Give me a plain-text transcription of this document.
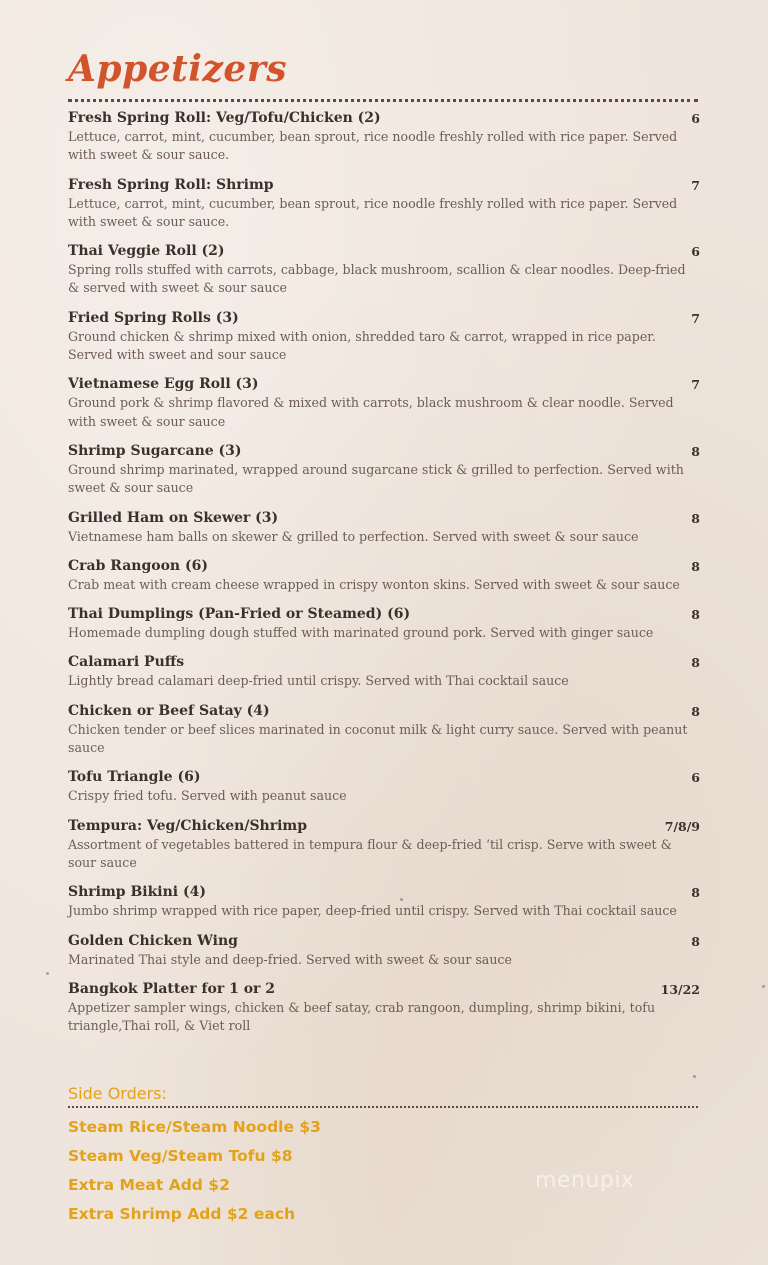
Appetizers
Fresh Spring Roll: Veg/Tofu/Chicken (2)	6
Lettuce, carrot, mint, cucumber, bean sprout, rice noodle freshly rolled with rice paper. Served with sweet & sour sauce.
Fresh Spring Roll: Shrimp	7
Lettuce, carrot, mint, cucumber, bean sprout, rice noodle freshly rolled with rice paper. Served with sweet & sour sauce.
Thai Veggie Roll (2)	6
Spring rolls stuffed with carrots, cabbage, black mushroom, scallion & clear noodles. Deep-fried & served with sweet & sour sauce
Fried Spring Rolls (3)	7
Ground chicken & shrimp mixed with onion, shredded taro & carrot, wrapped in rice paper. Served with sweet and sour sauce
Vietnamese Egg Roll (3)	7
Ground pork & shrimp flavored & mixed with carrots, black mushroom & clear noodle. Served with sweet & sour sauce
Shrimp Sugarcane (3)	8
Ground shrimp marinated, wrapped around sugarcane stick & grilled to perfection. Served with sweet & sour sauce
Grilled Ham on Skewer (3)	8
Vietnamese ham balls on skewer & grilled to perfection. Served with sweet & sour sauce
Crab Rangoon (6)	8
Crab meat with cream cheese wrapped in crispy wonton skins. Served with sweet & sour sauce
Thai Dumplings (Pan-Fried or Steamed) (6)	8
Homemade dumpling dough stuffed with marinated ground pork. Served with ginger sauce
Calamari Puffs	8
Lightly bread calamari deep-fried until crispy. Served with Thai cocktail sauce
Chicken or Beef Satay (4)	8
Chicken tender or beef slices marinated in coconut milk & light curry sauce. Served with peanut sauce
Tofu Triangle (6)	6
Crispy fried tofu. Served with peanut sauce
Tempura: Veg/Chicken/Shrimp	7/8/9
Assortment of vegetables battered in tempura flour & deep-fried ‘til crisp. Serve with sweet & sour sauce
Shrimp Bikini (4)	8
Jumbo shrimp wrapped with rice paper, deep-fried until crispy. Served with Thai cocktail sauce
Golden Chicken Wing	8
Marinated Thai style and deep-fried. Served with sweet & sour sauce
Bangkok Platter for 1 or 2	13/22
Appetizer sampler wings, chicken & beef satay, crab rangoon, dumpling, shrimp bikini, tofu triangle,Thai roll, & Viet roll
Side Orders:
Steam Rice/Steam Noodle $3
Steam Veg/Steam Tofu $8
Extra Meat Add $2
Extra Shrimp Add $2 each
menupix
